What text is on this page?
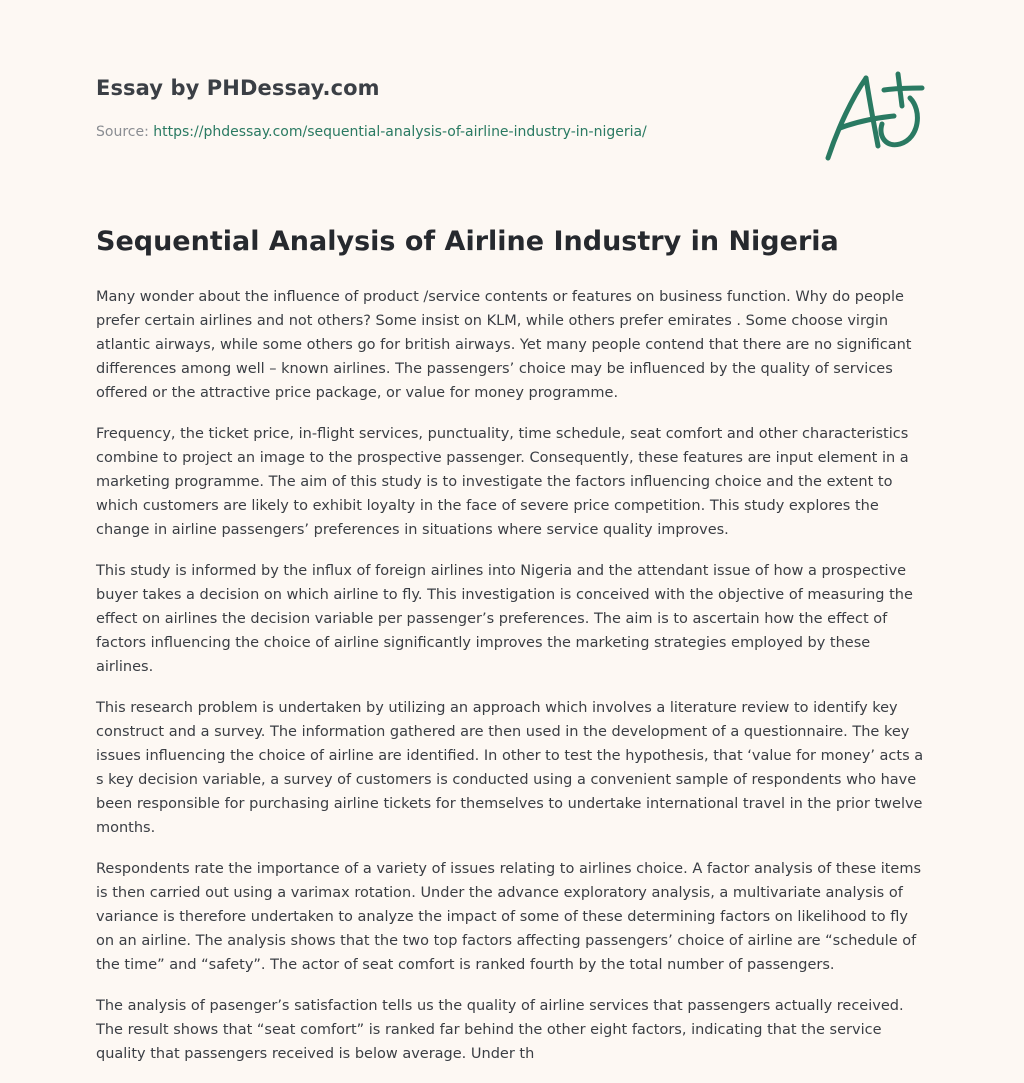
Essay by PHDessay.com
Source: https://phdessay.com/sequential-analysis-of-airline-industry-in-nigeria/
Sequential Analysis of Airline Industry in Nigeria

Many wonder about the influence of product /service contents or features on business function. Why do people prefer certain airlines and not others? Some insist on KLM, while others prefer emirates . Some choose virgin atlantic airways, while some others go for british airways. Yet many people contend that there are no significant differences among well – known airlines. The passengers’ choice may be influenced by the quality of services offered or the attractive price package, or value for money programme.

Frequency, the ticket price, in-flight services, punctuality, time schedule, seat comfort and other characteristics combine to project an image to the prospective passenger. Consequently, these features are input element in a marketing programme. The aim of this study is to investigate the factors influencing choice and the extent to which customers are likely to exhibit loyalty in the face of severe price competition. This study explores the change in airline passengers’ preferences in situations where service quality improves.

This study is informed by the influx of foreign airlines into Nigeria and the attendant issue of how a prospective buyer takes a decision on which airline to fly. This investigation is conceived with the objective of measuring the effect on airlines the decision variable per passenger’s preferences. The aim is to ascertain how the effect of factors influencing the choice of airline significantly improves the marketing strategies employed by these airlines.

This research problem is undertaken by utilizing an approach which involves a literature review to identify key construct and a survey. The information gathered are then used in the development of a questionnaire. The key issues influencing the choice of airline are identified. In other to test the hypothesis, that ‘value for money’ acts a s key decision variable, a survey of customers is conducted using a convenient sample of respondents who have been responsible for purchasing airline tickets for themselves to undertake international travel in the prior twelve months.

Respondents rate the importance of a variety of issues relating to airlines choice. A factor analysis of these items is then carried out using a varimax rotation. Under the advance exploratory analysis, a multivariate analysis of variance is therefore undertaken to analyze the impact of some of these determining factors on likelihood to fly on an airline. The analysis shows that the two top factors affecting passengers’ choice of airline are “schedule of the time” and “safety”. The actor of seat comfort is ranked fourth by the total number of passengers.

The analysis of pasenger’s satisfaction tells us the quality of airline services that passengers actually received. The result shows that “seat comfort” is ranked far behind the other eight factors, indicating that the service quality that passengers received is below average. Under th
